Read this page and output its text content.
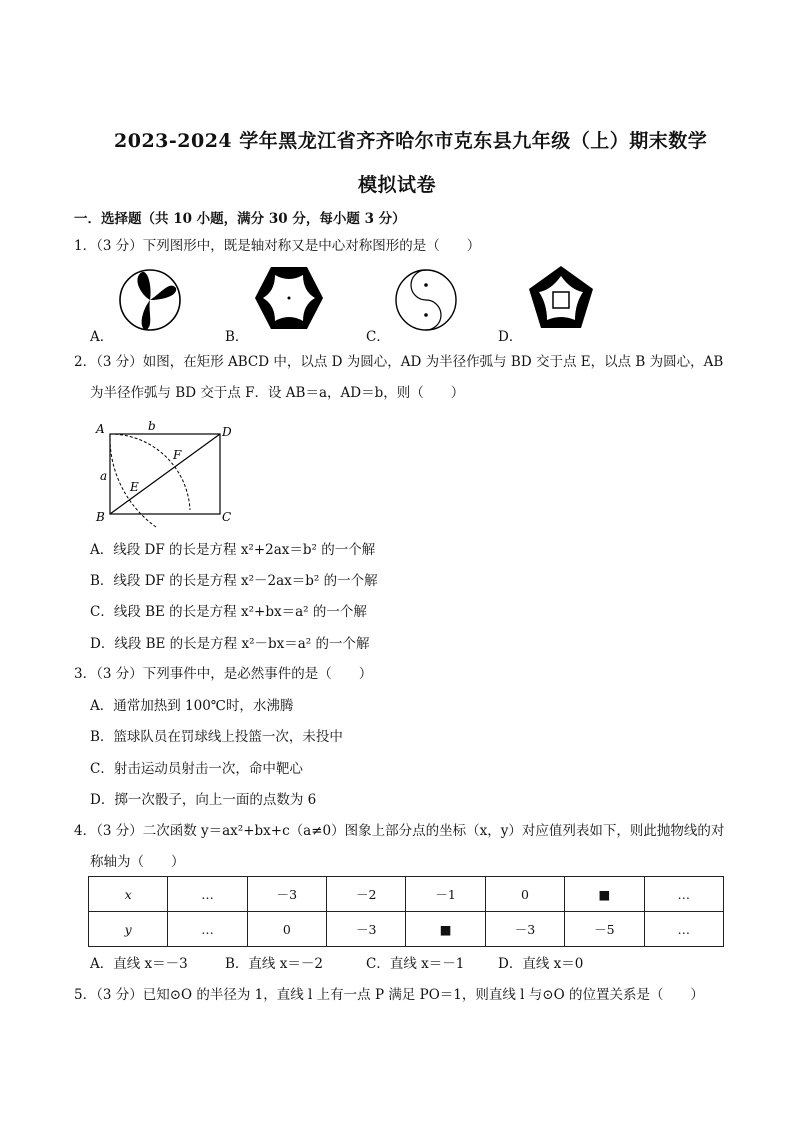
2023-2024 学年黑龙江省齐齐哈尔市克东县九年级（上）期末数学
模拟试卷
一．选择题（共 10 小题，满分 30 分，每小题 3 分）
1．（3 分）下列图形中，既是轴对称又是中心对称图形的是（　　）
A．	B．	C．	D．
2．（3 分）如图，在矩形 ABCD 中，以点 D 为圆心，AD 为半径作弧与 BD 交于点 E，以点 B 为圆心，AB
为半径作弧与 BD 交于点 F．设 AB＝a，AD＝b，则（　　）
A
B	C
D
E
F
a
b
A．线段 DF 的长是方程 x²+2ax＝b² 的一个解
B．线段 DF 的长是方程 x²－2ax＝b² 的一个解
C．线段 BE 的长是方程 x²+bx＝a² 的一个解
D．线段 BE 的长是方程 x²－bx＝a² 的一个解
3．（3 分）下列事件中，是必然事件的是（　　）
A．通常加热到 100℃时，水沸腾
B．篮球队员在罚球线上投篮一次，未投中
C．射击运动员射击一次，命中靶心
D．掷一次骰子，向上一面的点数为 6
4．（3 分）二次函数 y＝ax²+bx+c（a≠0）图象上部分点的坐标（x，y）对应值列表如下，则此抛物线的对
称轴为（　　）
x	…	－3	－2	－1	0	■	…
y	…	0	－3	■	－3	－5	…
A．直线 x＝－3	B．直线 x＝－2	C．直线 x＝－1 D．直线 x＝0
5．（3 分）已知⊙O 的半径为 1，直线 l 上有一点 P 满足 PO＝1，则直线 l 与⊙O 的位置关系是（　　）
